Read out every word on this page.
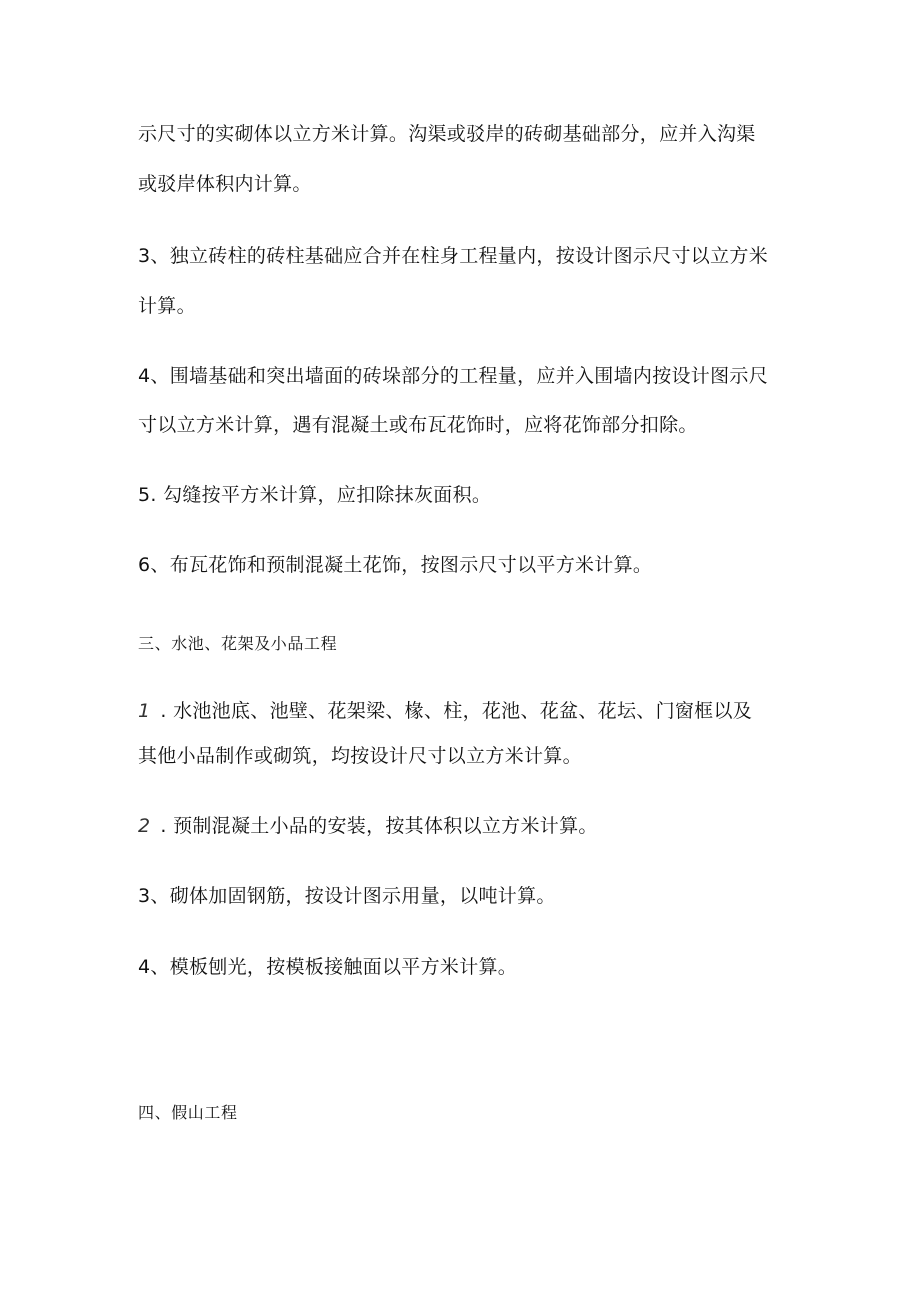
示尺寸的实砌体以立方米计算。沟渠或驳岸的砖砌基础部分，应并入沟渠
或驳岸体积内计算。
3、独立砖柱的砖柱基础应合并在柱身工程量内，按设计图示尺寸以立方米
计算。
4、围墙基础和突出墙面的砖垛部分的工程量，应并入围墙内按设计图示尺
寸以立方米计算，遇有混凝土或布瓦花饰时，应将花饰部分扣除。
5. 勾缝按平方米计算，应扣除抹灰面积。
6、布瓦花饰和预制混凝土花饰，按图示尺寸以平方米计算。
三、水池、花架及小品工程
1 . 水池池底、池壁、花架梁、椽、柱，花池、花盆、花坛、门窗框以及
其他小品制作或砌筑，均按设计尺寸以立方米计算。
2 . 预制混凝土小品的安装，按其体积以立方米计算。
3、砌体加固钢筋，按设计图示用量，以吨计算。
4、模板刨光，按模板接触面以平方米计算。
四、假山工程
